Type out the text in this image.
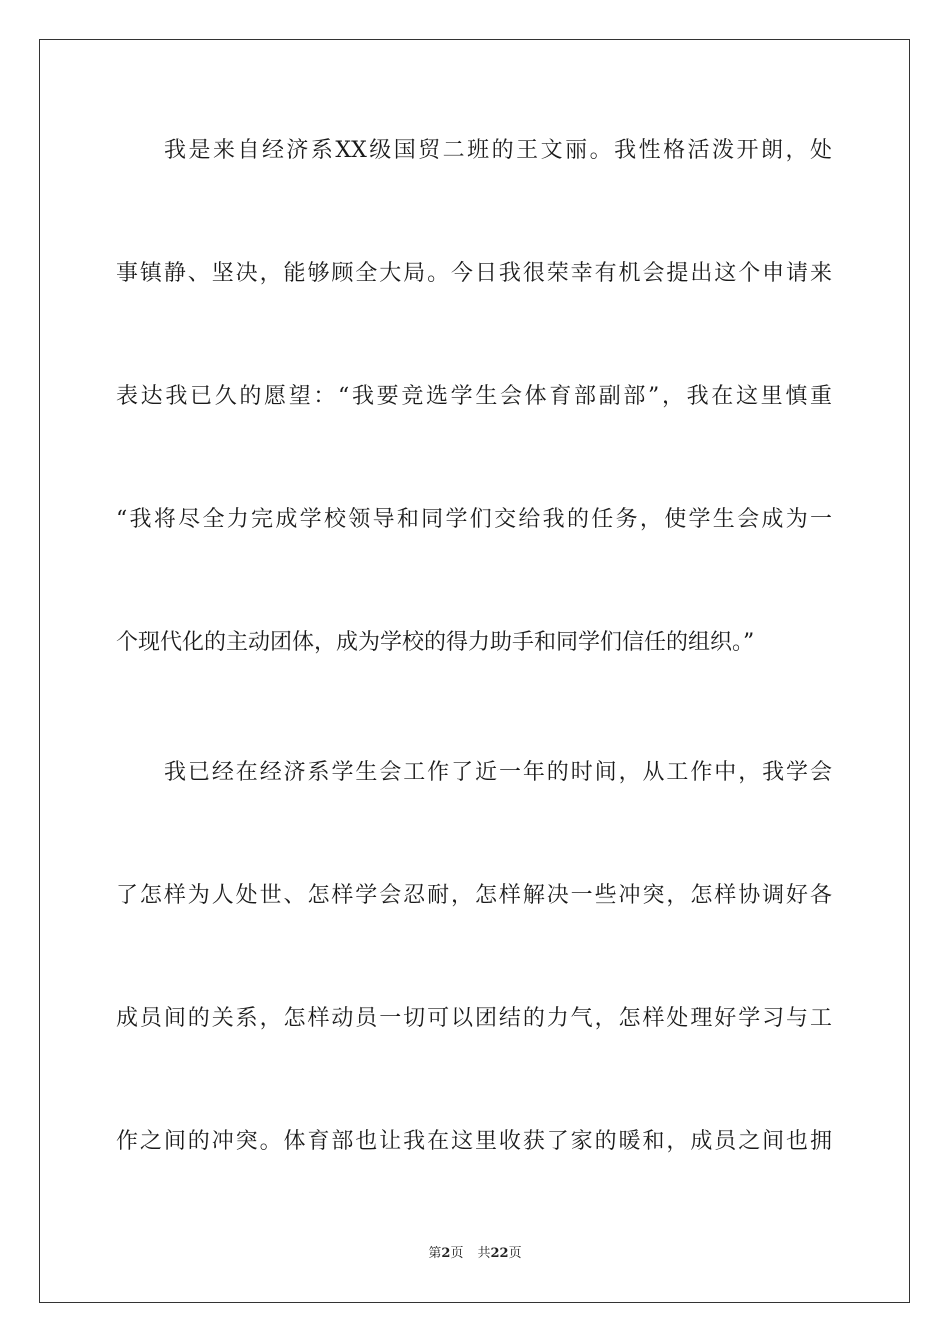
我是来自经济系XX级国贸二班的王文丽。我性格活泼开朗，处
事镇静、坚决，能够顾全大局。今日我很荣幸有机会提出这个申请来
表达我已久的愿望：“我要竞选学生会体育部副部”，我在这里慎重
“我将尽全力完成学校领导和同学们交给我的任务，使学生会成为一
个现代化的主动团体，成为学校的得力助手和同学们信任的组织。”
我已经在经济系学生会工作了近一年的时间，从工作中，我学会
了怎样为人处世、怎样学会忍耐，怎样解决一些冲突，怎样协调好各
成员间的关系，怎样动员一切可以团结的力气，怎样处理好学习与工
作之间的冲突。体育部也让我在这里收获了家的暖和，成员之间也拥
第2页 共22页
